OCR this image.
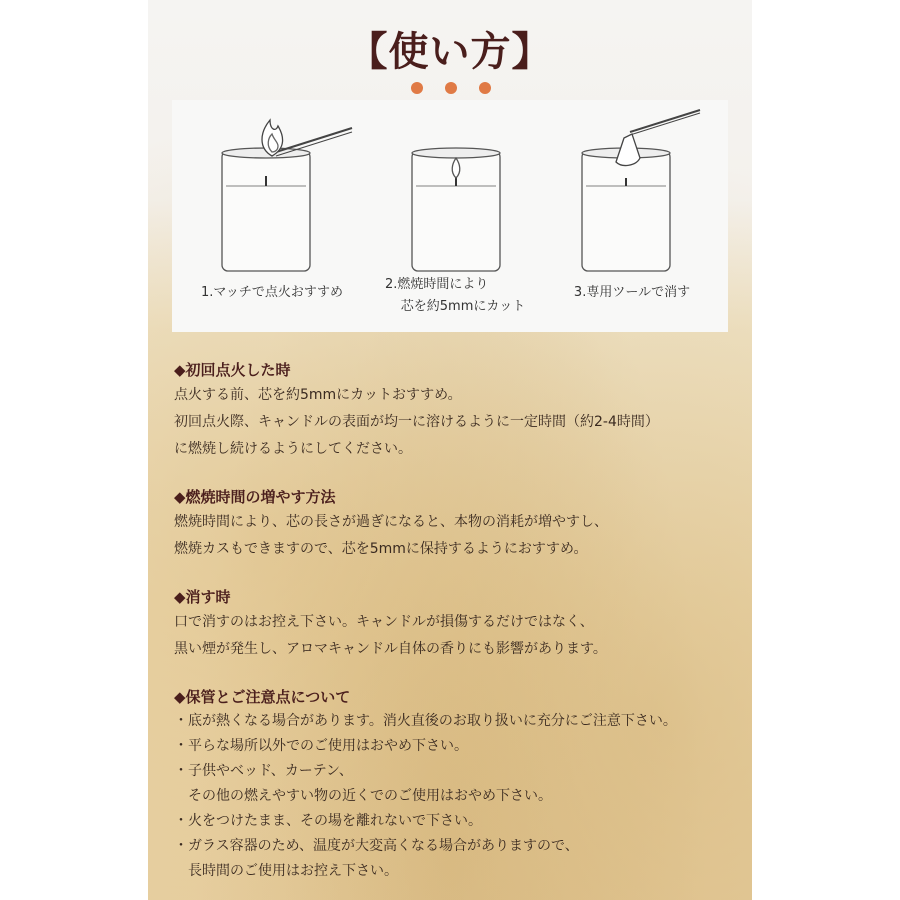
【使い方】
1.マッチで点火おすすめ
2.燃焼時間により
芯を約5mmにカット
3.専用ツールで消す
◆初回点火した時
点火する前、芯を約5mmにカットおすすめ。
初回点火際、キャンドルの表面が均一に溶けるように一定時間（約2-4時間）
に燃焼し続けるようにしてください。
◆燃焼時間の増やす方法
燃焼時間により、芯の長さが過ぎになると、本物の消耗が増やすし、
燃焼カスもできますので、芯を5mmに保持するようにおすすめ。
◆消す時
口で消すのはお控え下さい。キャンドルが損傷するだけではなく、
黒い煙が発生し、アロマキャンドル自体の香りにも影響があります。
◆保管とご注意点について
・底が熱くなる場合があります。消火直後のお取り扱いに充分にご注意下さい。
・平らな場所以外でのご使用はおやめ下さい。
・子供やベッド、カーテン、
　その他の燃えやすい物の近くでのご使用はおやめ下さい。
・火をつけたまま、その場を離れないで下さい。
・ガラス容器のため、温度が大変高くなる場合がありますので、
　長時間のご使用はお控え下さい。
